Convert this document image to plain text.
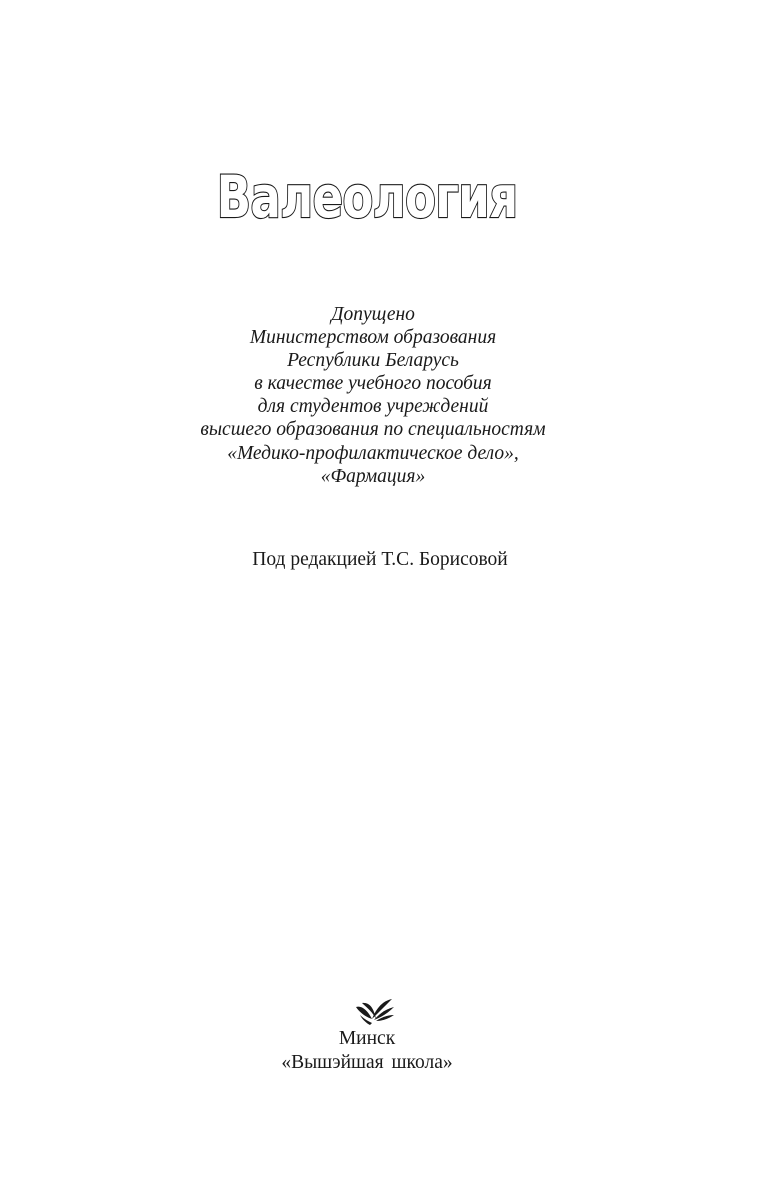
Валеология
Допущено
Министерством образования
Республики Беларусь
в качестве учебного пособия
для студентов учреждений
высшего образования по специальностям
«Медико-профилактическое дело»,
«Фармация»
Под редакцией Т.С. Борисовой
Минск
«Вышэйшая школа»
